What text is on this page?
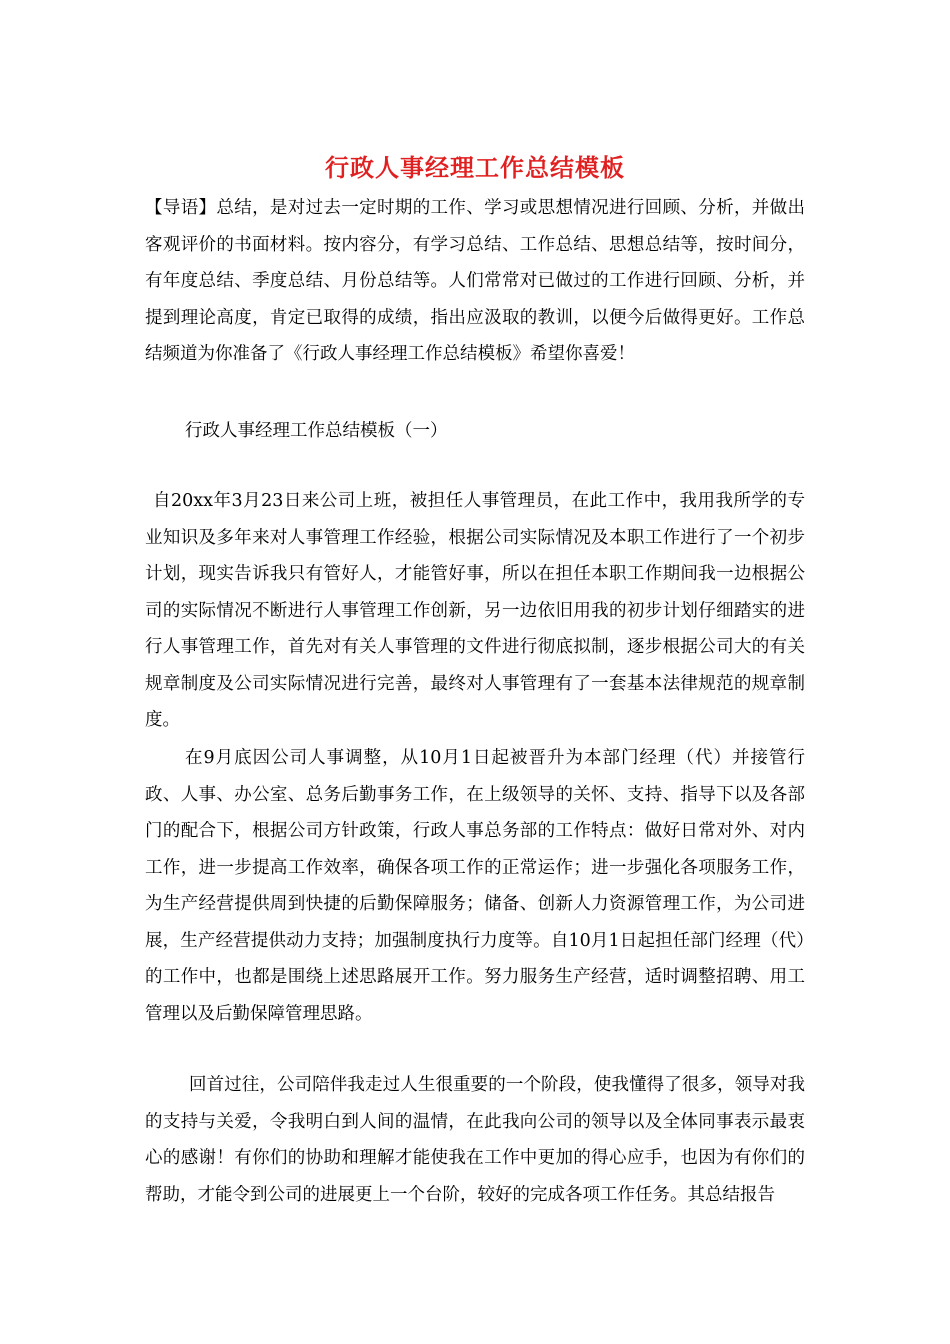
行政人事经理工作总结模板

【导语】总结，是对过去一定时期的工作、学习或思想情况进行回顾、分析，并做出客观评价的书面材料。按内容分，有学习总结、工作总结、思想总结等，按时间分，有年度总结、季度总结、月份总结等。人们常常对已做过的工作进行回顾、分析，并提到理论高度，肯定已取得的成绩，指出应汲取的教训，以便今后做得更好。工作总结频道为你准备了《行政人事经理工作总结模板》希望你喜爱！

行政人事经理工作总结模板（一）

自20xx年3月23日来公司上班，被担任人事管理员，在此工作中，我用我所学的专业知识及多年来对人事管理工作经验，根据公司实际情况及本职工作进行了一个初步计划，现实告诉我只有管好人，才能管好事，所以在担任本职工作期间我一边根据公司的实际情况不断进行人事管理工作创新，另一边依旧用我的初步计划仔细踏实的进行人事管理工作，首先对有关人事管理的文件进行彻底拟制，逐步根据公司大的有关规章制度及公司实际情况进行完善，最终对人事管理有了一套基本法律规范的规章制度。

在9月底因公司人事调整，从10月1日起被晋升为本部门经理（代）并接管行政、人事、办公室、总务后勤事务工作，在上级领导的关怀、支持、指导下以及各部门的配合下，根据公司方针政策，行政人事总务部的工作特点：做好日常对外、对内工作，进一步提高工作效率，确保各项工作的正常运作；进一步强化各项服务工作，为生产经营提供周到快捷的后勤保障服务；储备、创新人力资源管理工作，为公司进展，生产经营提供动力支持；加强制度执行力度等。自10月1日起担任部门经理（代）的工作中，也都是围绕上述思路展开工作。努力服务生产经营，适时调整招聘、用工管理以及后勤保障管理思路。

回首过往，公司陪伴我走过人生很重要的一个阶段，使我懂得了很多，领导对我的支持与关爱，令我明白到人间的温情，在此我向公司的领导以及全体同事表示最衷心的感谢！有你们的协助和理解才能使我在工作中更加的得心应手，也因为有你们的帮助，才能令到公司的进展更上一个台阶，较好的完成各项工作任务。其总结报告
